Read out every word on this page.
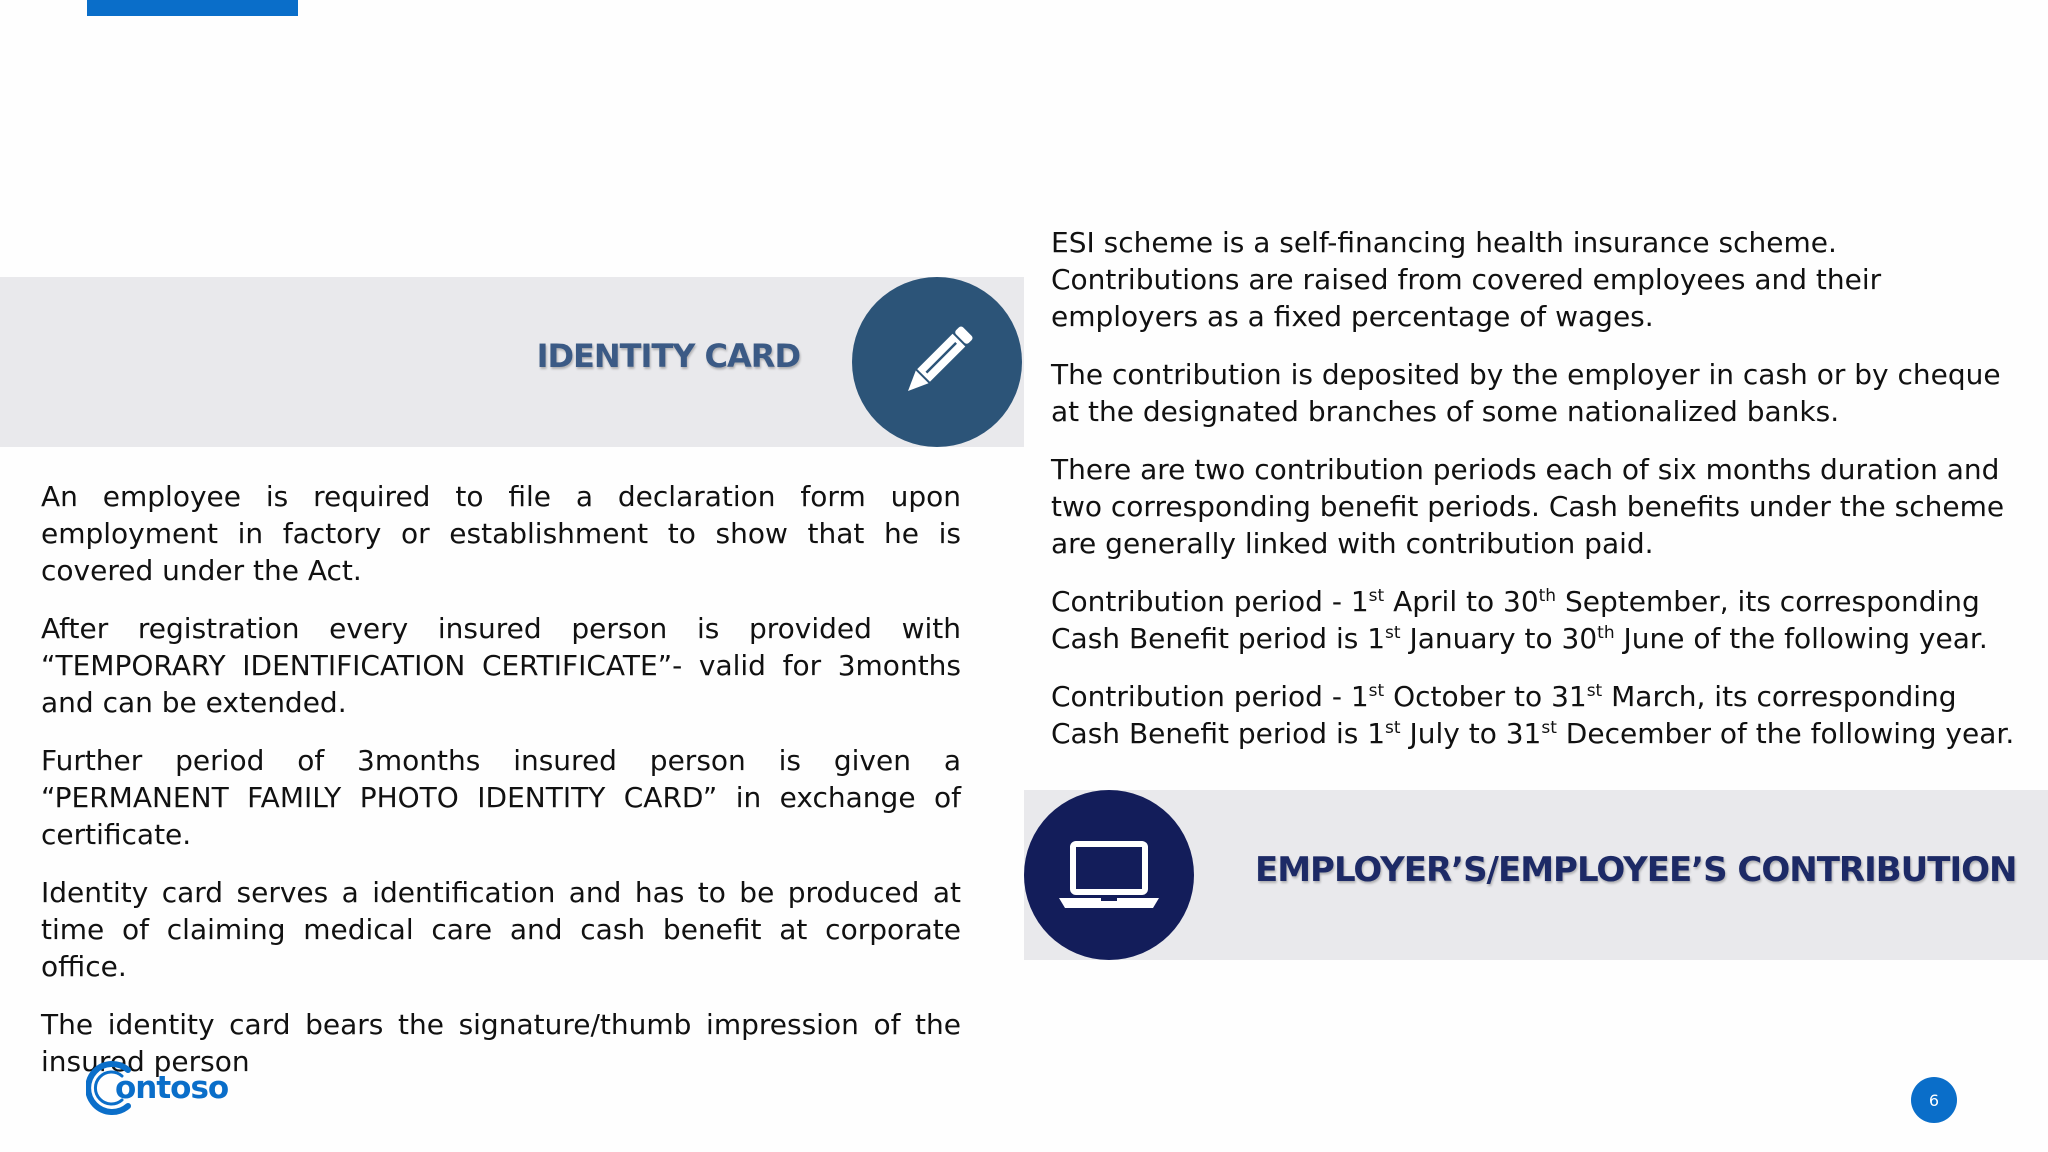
IDENTITY CARD

An employee is required to file a declaration form upon employment in factory or establishment to show that he is covered under the Act.

After registration every insured person is provided with “TEMPORARY IDENTIFICATION CERTIFICATE”- valid for 3months and can be extended.

Further period of 3months insured person is given a “PERMANENT FAMILY PHOTO IDENTITY CARD” in exchange of certificate.

Identity card serves a identification and has to be produced at time of claiming medical care and cash benefit at corporate office.

The identity card bears the signature/thumb impression of the insured person

ESI scheme is a self-financing health insurance scheme. Contributions are raised from covered employees and their employers as a fixed percentage of wages.

The contribution is deposited by the employer in cash or by cheque at the designated branches of some nationalized banks.

There are two contribution periods each of six months duration and two corresponding benefit periods. Cash benefits under the scheme are generally linked with contribution paid.

Contribution period - 1st April to 30th September, its corresponding Cash Benefit period is 1st January to 30th June of the following year.

Contribution period - 1st October to 31st March, its corresponding Cash Benefit period is 1st July to 31st December of the following year.

EMPLOYER’S/EMPLOYEE’S CONTRIBUTION
ontoso	6
